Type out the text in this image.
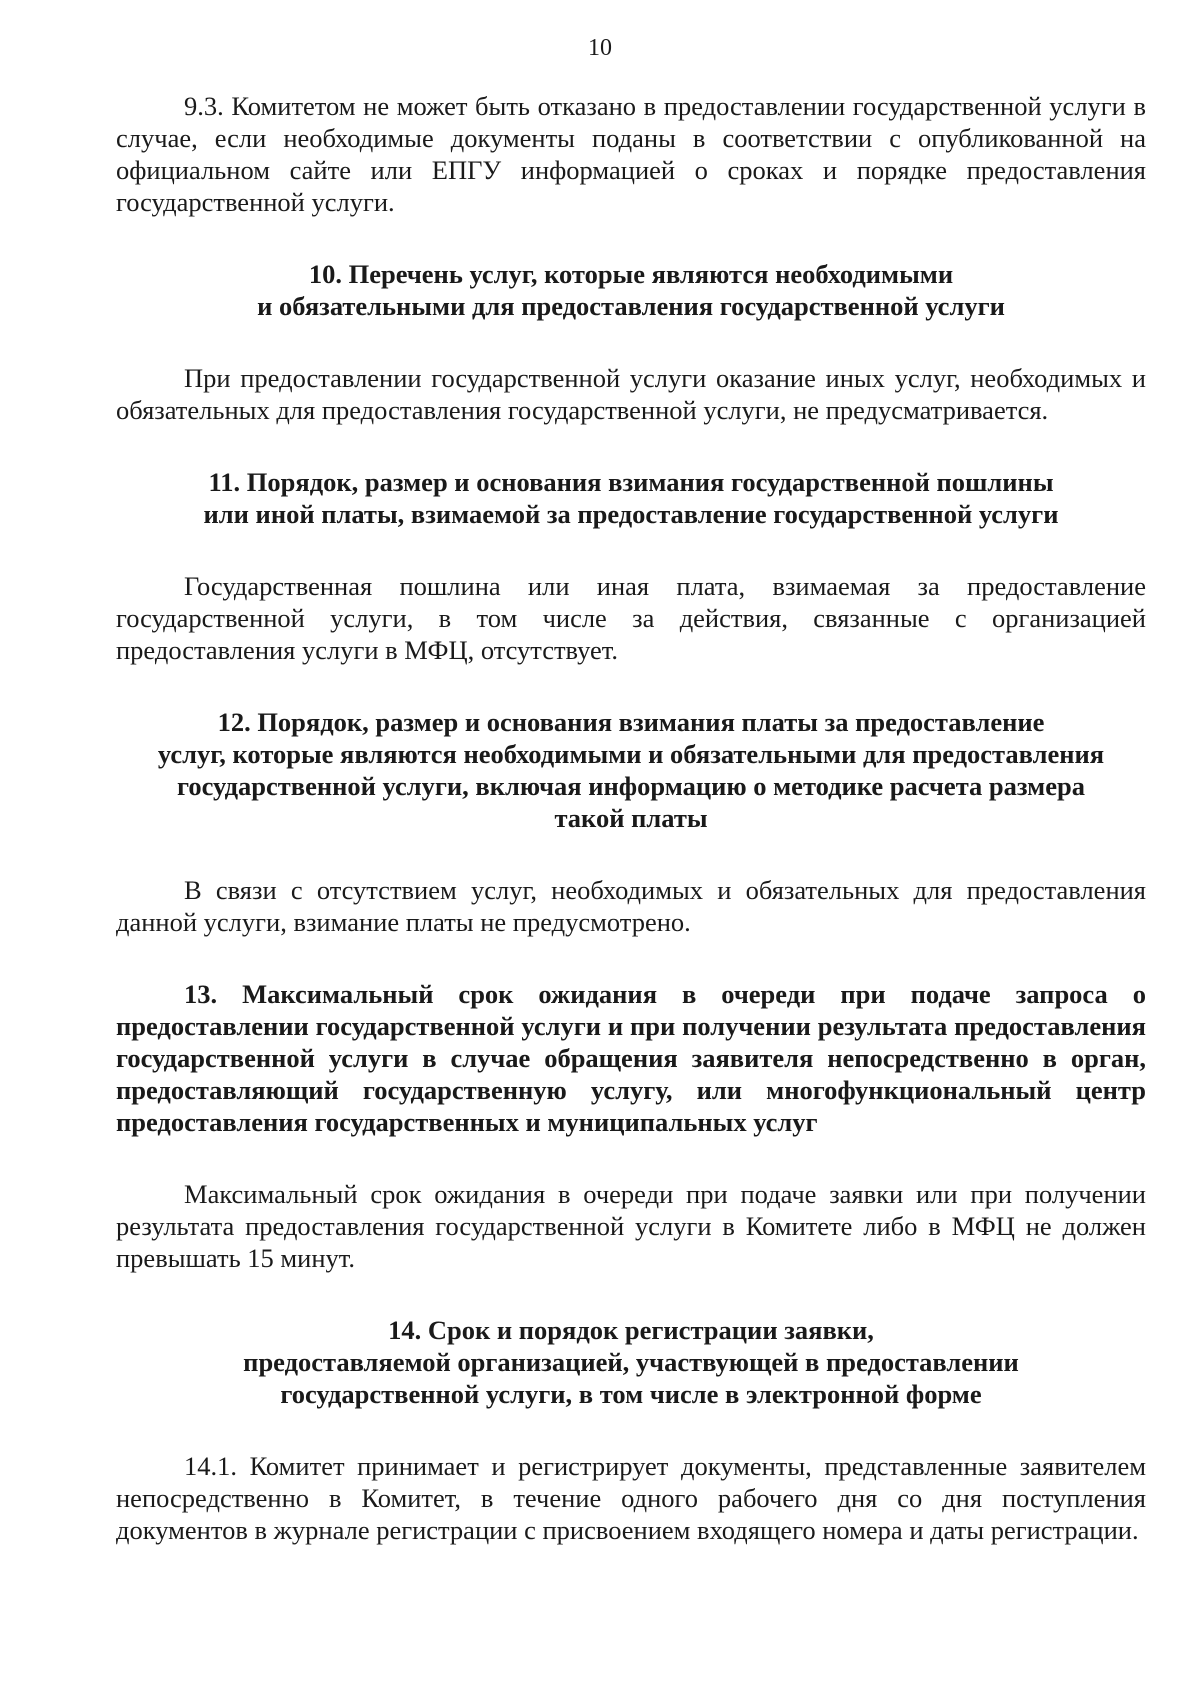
10

9.3. Комитетом не может быть отказано в предоставлении государственной услуги в случае, если необходимые документы поданы в соответствии с опубликованной на официальном сайте или ЕПГУ информацией о сроках и порядке предоставления государственной услуги.

10. Перечень услуг, которые являются необходимыми
и обязательными для предоставления государственной услуги

При предоставлении государственной услуги оказание иных услуг, необходимых и обязательных для предоставления государственной услуги, не предусматривается.

11. Порядок, размер и основания взимания государственной пошлины
или иной платы, взимаемой за предоставление государственной услуги

Государственная пошлина или иная плата, взимаемая за предоставление государственной услуги, в том числе за действия, связанные с организацией предоставления услуги в МФЦ, отсутствует.

12. Порядок, размер и основания взимания платы за предоставление
услуг, которые являются необходимыми и обязательными для предоставления
государственной услуги, включая информацию о методике расчета размера
такой платы

В связи с отсутствием услуг, необходимых и обязательных для предоставления данной услуги, взимание платы не предусмотрено.

13. Максимальный срок ожидания в очереди при подаче запроса о предоставлении государственной услуги и при получении результата предоставления государственной услуги в случае обращения заявителя непосредственно в орган, предоставляющий государственную услугу, или многофункциональный центр предоставления государственных и муниципальных услуг

Максимальный срок ожидания в очереди при подаче заявки или при получении результата предоставления государственной услуги в Комитете либо в МФЦ не должен превышать 15 минут.

14. Срок и порядок регистрации заявки,
предоставляемой организацией, участвующей в предоставлении
государственной услуги, в том числе в электронной форме

14.1. Комитет принимает и регистрирует документы, представленные заявителем непосредственно в Комитет, в течение одного рабочего дня со дня поступления документов в журнале регистрации с присвоением входящего номера и даты регистрации.
